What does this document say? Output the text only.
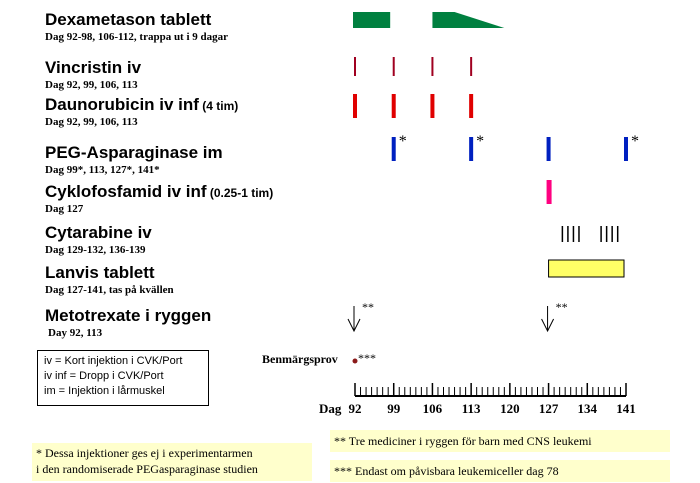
Dexametason tablett
Dag 92-98, 106-112, trappa ut i 9 dagar
Vincristin iv
Dag 92, 99, 106, 113
Daunorubicin iv inf (4 tim)
Dag 92, 99, 106, 113
PEG-Asparaginase im
Dag 99*, 113, 127*, 141*
Cyklofosfamid iv inf (0.25-1 tim)
Dag 127
Cytarabine iv
Dag 129-132, 136-139
Lanvis tablett
Dag 127-141, tas på kvällen
Metotrexate i ryggen
Day 92, 113
iv = Kort injektion i CVK/Port
iv inf = Dropp i CVK/Port
im = Injektion i lårmuskel
*	*	*
**	**
***
92 99 106 113 120 127 134 141
Benmärgsprov
Dag
* Dessa injektioner ges ej i experimentarmen
i den randomiserade PEGasparaginase studien
** Tre mediciner i ryggen för barn med CNS leukemi
*** Endast om påvisbara leukemiceller dag 78
